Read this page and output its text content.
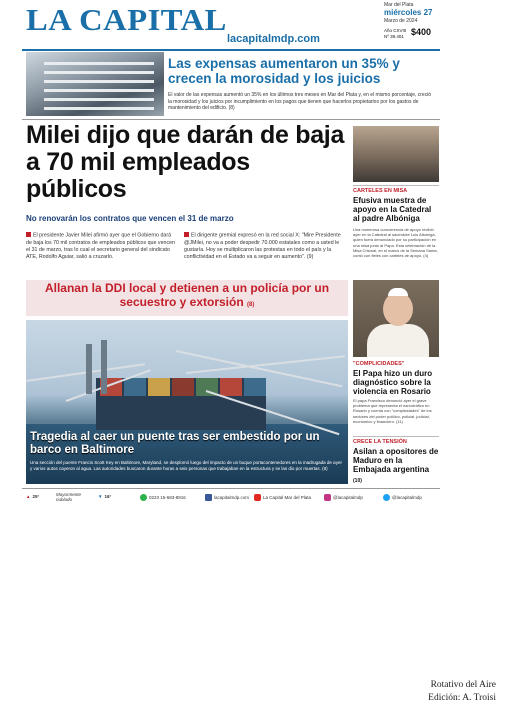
LA CAPITAL
lacapitalmdp.com
Mar del Plata
miércoles 27
Marzo de 2024
Año CXVIII
Nº 39.401 $400
Las expensas aumentaron un 35% y crecen la morosidad y los juicios
El valor de las expensas aumentó un 35% en los últimos tres meses en Mar del Plata y, en el mismo porcentaje, creció la morosidad y los juicios por incumplimiento en los pagos que tienen que hacerlos propietarios por los gastos de mantenimiento del edificio. (8)
Milei dijo que darán de baja a 70 mil empleados públicos
No renovarán los contratos que vencen el 31 de marzo
El presidente Javier Milei afirmó ayer que el Gobierno dará de baja los 70 mil contratos de empleados públicos que vencen el 31 de marzo, tras lo cual el secretario general del sindicato ATE, Rodolfo Aguiar, salió a cruzarlo.
El dirigente gremial expresó en la red social X: "Mire Presidente @JMilei, no va a poder despedir 70.000 estatales como a usted le gustaría. Hoy se multiplicaron las protestas en todo el país y la conflictividad en el Estado va a seguir en aumento". (9)
Allanan la DDI local y detienen a un policía por un secuestro y extorsión (8)
Tragedia al caer un puente tras ser embestido por un barco en Baltimore
Una sección del puente Francis Scott Key en Baltimore, Maryland, se desplomó luego del impacto de un buque portacontenedores en la madrugada de ayer y varios autos cayeron al agua. Las autoridades buscaron durante horas a seis personas que trabajaban en la estructura y se las dio por muertas. (8)
CARTELES EN MISA
Efusiva muestra de apoyo en la Catedral al padre Albóniga
Una numerosa concurrencia de apoyo recibió ayer en la Catedral al sacerdote Luis Albóniga, quien fuera denunciado por su participación en una misa junto al Papa. Esta celebración de la Misa Crismal, en el marco de la Semana Santa, contó con fieles con carteles de apoyo. (4)
"COMPLICIDADES"
El Papa hizo un duro diagnóstico sobre la violencia en Rosario
El papa Francisco denunció ayer el grave problema que representa el narcotráfico en Rosario y cuenta con "complicidades" de los sectores del poder político, policial, judicial, económico y financiero. (11)
CRECE LA TENSIÓN
Asilan a opositores de Maduro en la Embajada argentina (10)
▲ 25°	Mayormente nublado
▼ 16°	0223 15-683-8916	lacapitalmdp.com	La Capital Mar del Plata	@lacapitalmdp	@lacapitalmdp
Rotativo del Aire
Edición: A. Troisi
